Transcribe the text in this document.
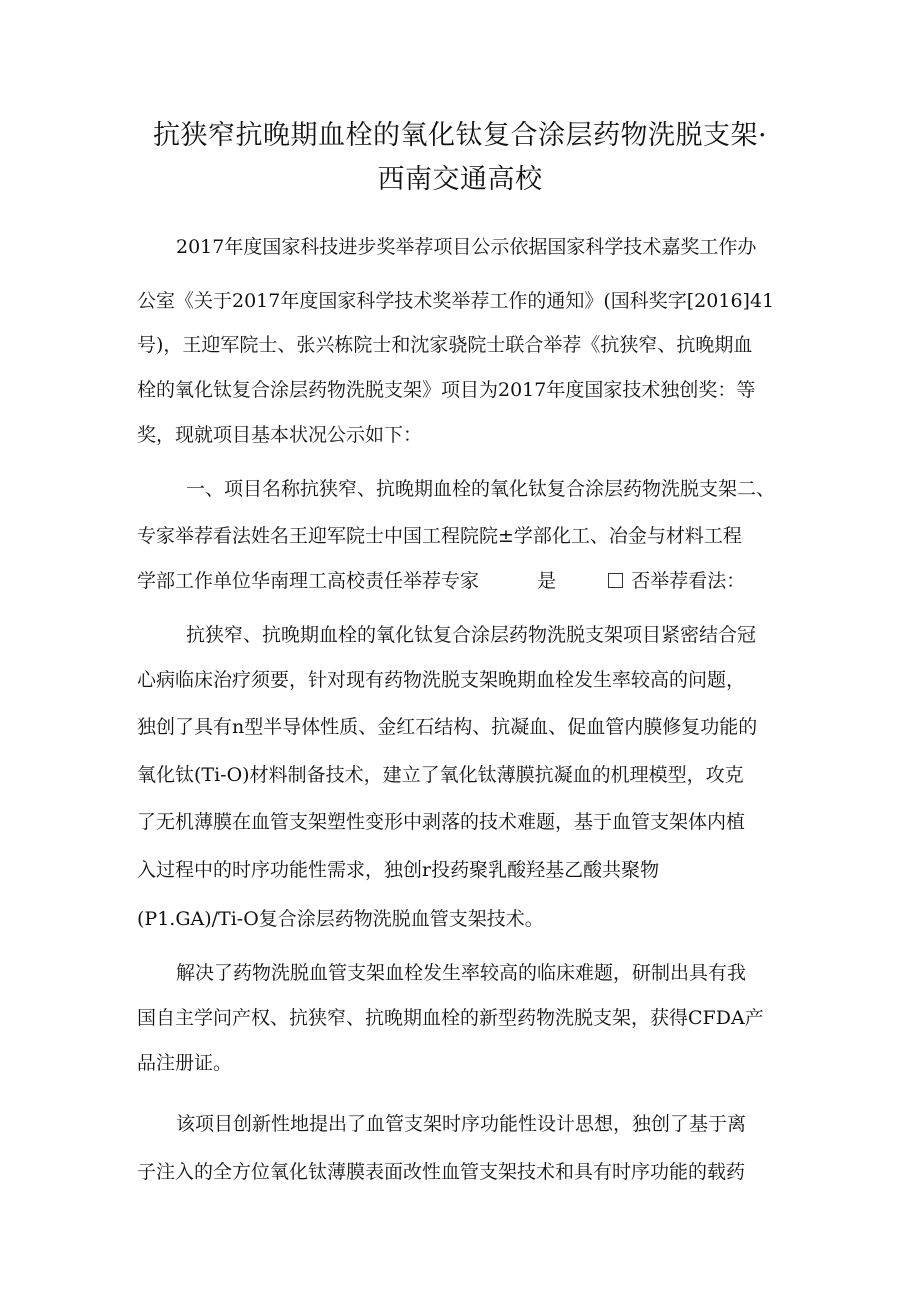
抗狭窄抗晚期血栓的氧化钛复合涂层药物洗脱支架·
西南交通高校
2017年度国家科技进步奖举荐项目公示依据国家科学技术嘉奖工作办
公室《关于2017年度国家科学技术奖举荐工作的通知》(国科奖字[2016]41
号)，王迎军院士、张兴栋院士和沈家骁院士联合举荐《抗狭窄、抗晚期血
栓的氧化钛复合涂层药物洗脱支架》项目为2017年度国家技术独创奖：等
奖，现就项目基本状况公示如下：
一、项目名称抗狭窄、抗晚期血栓的氧化钛复合涂层药物洗脱支架二、
专家举荐看法姓名王迎军院士中国工程院院±学部化工、冶金与材料工程
学部工作单位华南理工高校责任举荐专家	是	否举荐看法：
抗狭窄、抗晚期血栓的氧化钛复合涂层药物洗脱支架项目紧密结合冠
心病临床治疗须要，针对现有药物洗脱支架晚期血栓发生率较高的问题，
独创了具有n型半导体性质、金红石结构、抗凝血、促血管内膜修复功能的
氧化钛(Ti-O)材料制备技术，建立了氧化钛薄膜抗凝血的机理模型，攻克
了无机薄膜在血管支架塑性变形中剥落的技术难题，基于血管支架体内植
入过程中的时序功能性需求，独创r投药聚乳酸羟基乙酸共聚物
(P1.GA)/Ti-O复合涂层药物洗脱血管支架技术。
解决了药物洗脱血管支架血栓发生率较高的临床难题，研制出具有我
国自主学问产权、抗狭窄、抗晚期血栓的新型药物洗脱支架，获得CFDA产
品注册证。
该项目创新性地提出了血管支架时序功能性设计思想，独创了基于离
子注入的全方位氧化钛薄膜表面改性血管支架技术和具有时序功能的载药
